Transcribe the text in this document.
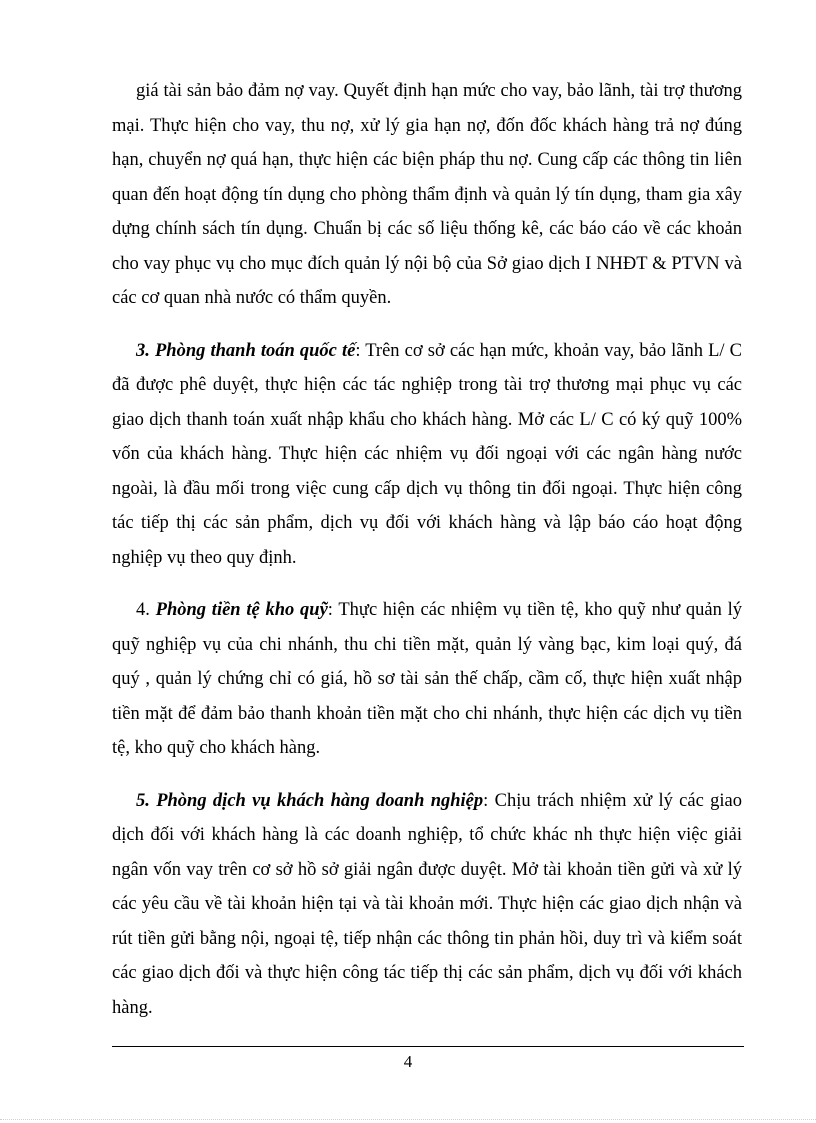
giá tài sản bảo đảm nợ vay. Quyết định hạn mức cho vay, bảo lãnh, tài trợ thương mại. Thực hiện cho vay, thu nợ, xử lý gia hạn nợ, đốn đốc khách hàng trả nợ đúng hạn, chuyển nợ quá hạn, thực hiện các biện pháp thu nợ. Cung cấp các thông tin liên quan đến hoạt động tín dụng cho phòng thẩm định và quản lý tín dụng, tham gia xây dựng chính sách tín dụng. Chuẩn bị các số liệu thống kê, các báo cáo về các khoản cho vay phục vụ cho mục đích quản lý nội bộ của Sở giao dịch I NHĐT & PTVN và các cơ quan nhà nước có thẩm quyền.

3. Phòng thanh toán quốc tế: Trên cơ sở các hạn mức, khoản vay, bảo lãnh L/ C đã được phê duyệt, thực hiện các tác nghiệp trong tài trợ thương mại phục vụ các giao dịch thanh toán xuất nhập khẩu cho khách hàng. Mở các L/ C có ký quỹ 100% vốn của khách hàng. Thực hiện các nhiệm vụ đối ngoại với các ngân hàng nước ngoài, là đầu mối trong việc cung cấp dịch vụ thông tin đối ngoại. Thực hiện công tác tiếp thị các sản phẩm, dịch vụ đối với khách hàng và lập báo cáo hoạt động nghiệp vụ theo quy định.

4. Phòng tiền tệ kho quỹ: Thực hiện các nhiệm vụ tiền tệ, kho quỹ như quản lý quỹ nghiệp vụ của chi nhánh, thu chi tiền mặt, quản lý vàng bạc, kim loại quý, đá quý , quản lý chứng chỉ có giá, hồ sơ tài sản thế chấp, cầm cố, thực hiện xuất nhập tiền mặt để đảm bảo thanh khoản tiền mặt cho chi nhánh, thực hiện các dịch vụ tiền tệ, kho quỹ cho khách hàng.

5. Phòng dịch vụ khách hàng doanh nghiệp: Chịu trách nhiệm xử lý các giao dịch đối với khách hàng là các doanh nghiệp, tổ chức khác nh thực hiện việc giải ngân vốn vay trên cơ sở hồ sở giải ngân được duyệt. Mở tài khoản tiền gửi và xử lý các yêu cầu về tài khoản hiện tại và tài khoản mới. Thực hiện các giao dịch nhận và rút tiền gửi bằng nội, ngoại tệ, tiếp nhận các thông tin phản hồi, duy trì và kiểm soát các giao dịch đối và thực hiện công tác tiếp thị các sản phẩm, dịch vụ đối với khách hàng.

4
